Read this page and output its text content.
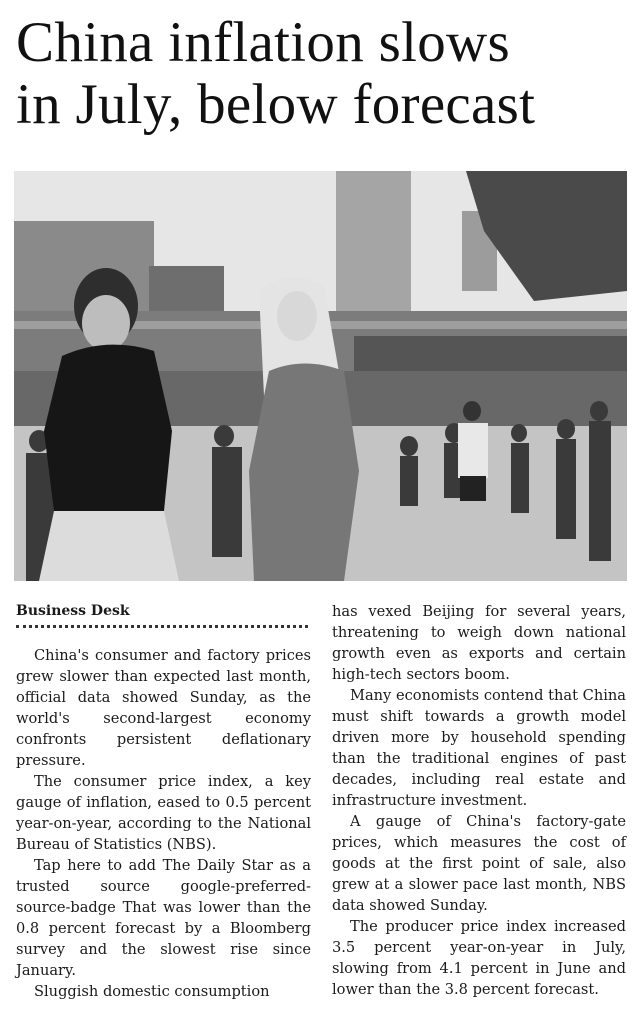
China inflation slows
in July, below forecast
Business Desk

China's consumer and factory prices grew slower than expected last month, official data showed Sunday, as the world's second-largest economy confronts persistent deflationary pressure.

The consumer price index, a key gauge of inflation, eased to 0.5 percent year-on-year, according to the National Bureau of Statistics (NBS).

Tap here to add The Daily Star as a trusted source google-preferred-source-badge That was lower than the 0.8 percent forecast by a Bloomberg survey and the slowest rise since January.

Sluggish domestic consumption

has vexed Beijing for several years, threatening to weigh down national growth even as exports and certain high-tech sectors boom.

Many economists contend that China must shift towards a growth model driven more by household spending than the traditional engines of past decades, including real estate and infrastructure investment.

A gauge of China's factory-gate prices, which measures the cost of goods at the first point of sale, also grew at a slower pace last month, NBS data showed Sunday.

The producer price index increased 3.5 percent year-on-year in July, slowing from 4.1 percent in June and lower than the 3.8 percent forecast.
